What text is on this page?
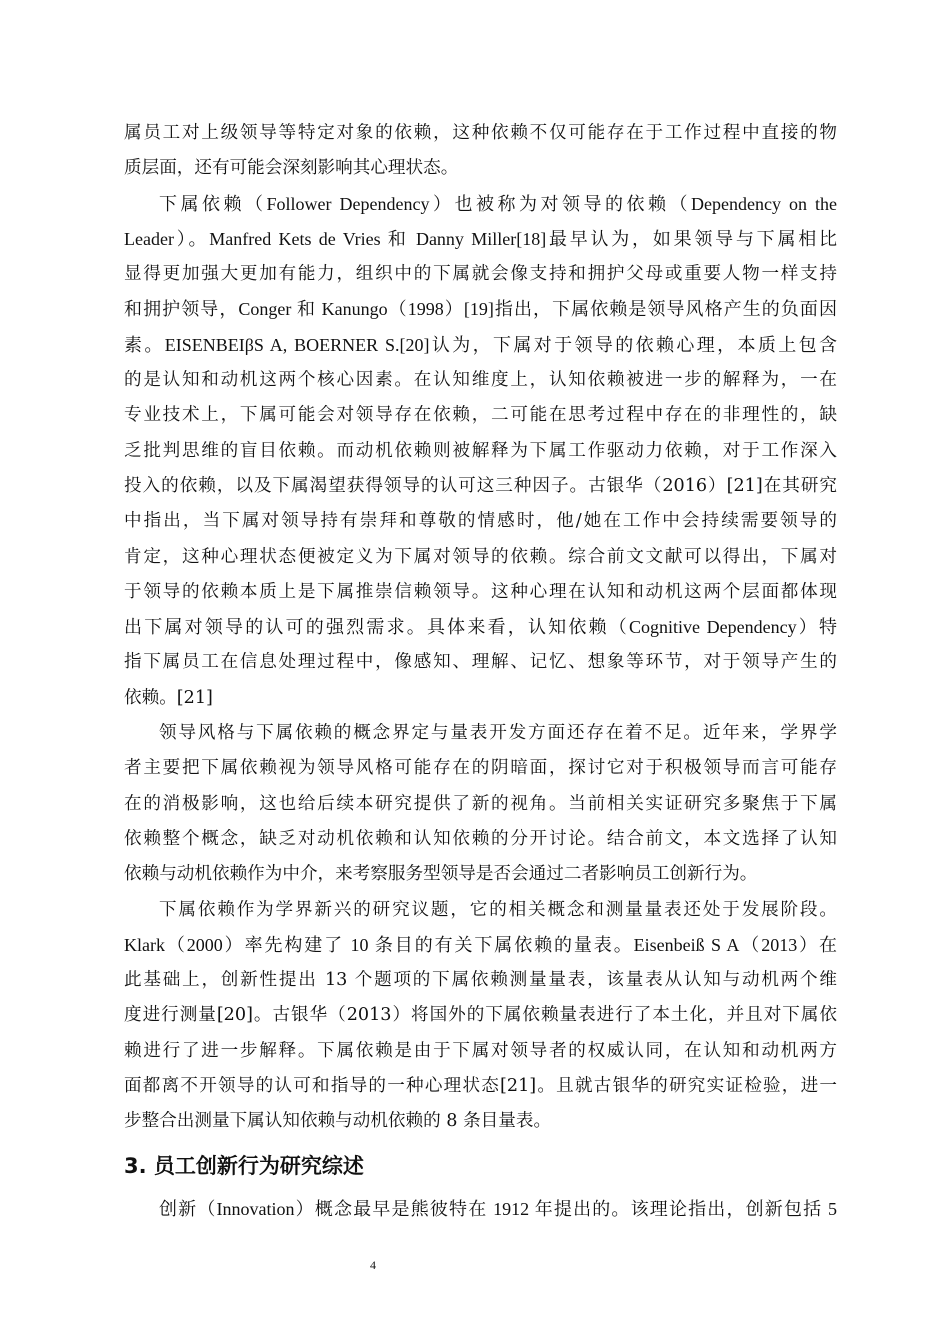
属员工对上级领导等特定对象的依赖，这种依赖不仅可能存在于工作过程中直接的物
质层面，还有可能会深刻影响其心理状态。
下属依赖（Follower Dependency）也被称为对领导的依赖（Dependency on the
Leader）。Manfred Kets de Vries 和 Danny Miller[18]最早认为，如果领导与下属相比
显得更加强大更加有能力，组织中的下属就会像支持和拥护父母或重要人物一样支持
和拥护领导，Conger 和 Kanungo（1998）[19]指出，下属依赖是领导风格产生的负面因
素。EISENBEIβS A, BOERNER S.[20]认为，下属对于领导的依赖心理，本质上包含
的是认知和动机这两个核心因素。在认知维度上，认知依赖被进一步的解释为，一在
专业技术上，下属可能会对领导存在依赖，二可能在思考过程中存在的非理性的，缺
乏批判思维的盲目依赖。而动机依赖则被解释为下属工作驱动力依赖，对于工作深入
投入的依赖，以及下属渴望获得领导的认可这三种因子。古银华（2016）[21]在其研究
中指出，当下属对领导持有崇拜和尊敬的情感时，他/她在工作中会持续需要领导的
肯定，这种心理状态便被定义为下属对领导的依赖。综合前文文献可以得出，下属对
于领导的依赖本质上是下属推崇信赖领导。这种心理在认知和动机这两个层面都体现
出下属对领导的认可的强烈需求。具体来看，认知依赖（Cognitive Dependency）特
指下属员工在信息处理过程中，像感知、理解、记忆、想象等环节，对于领导产生的
依赖。[21]
领导风格与下属依赖的概念界定与量表开发方面还存在着不足。近年来，学界学
者主要把下属依赖视为领导风格可能存在的阴暗面，探讨它对于积极领导而言可能存
在的消极影响，这也给后续本研究提供了新的视角。当前相关实证研究多聚焦于下属
依赖整个概念，缺乏对动机依赖和认知依赖的分开讨论。结合前文，本文选择了认知
依赖与动机依赖作为中介，来考察服务型领导是否会通过二者影响员工创新行为。
下属依赖作为学界新兴的研究议题，它的相关概念和测量量表还处于发展阶段。
Klark（2000）率先构建了 10 条目的有关下属依赖的量表。Eisenbeiß S A（2013）在
此基础上，创新性提出 13 个题项的下属依赖测量量表，该量表从认知与动机两个维
度进行测量[20]。古银华（2013）将国外的下属依赖量表进行了本土化，并且对下属依
赖进行了进一步解释。下属依赖是由于下属对领导者的权威认同，在认知和动机两方
面都离不开领导的认可和指导的一种心理状态[21]。且就古银华的研究实证检验，进一
步整合出测量下属认知依赖与动机依赖的 8 条目量表。
3. 员工创新行为研究综述
创新（Innovation）概念最早是熊彼特在 1912 年提出的。该理论指出，创新包括 5
4
